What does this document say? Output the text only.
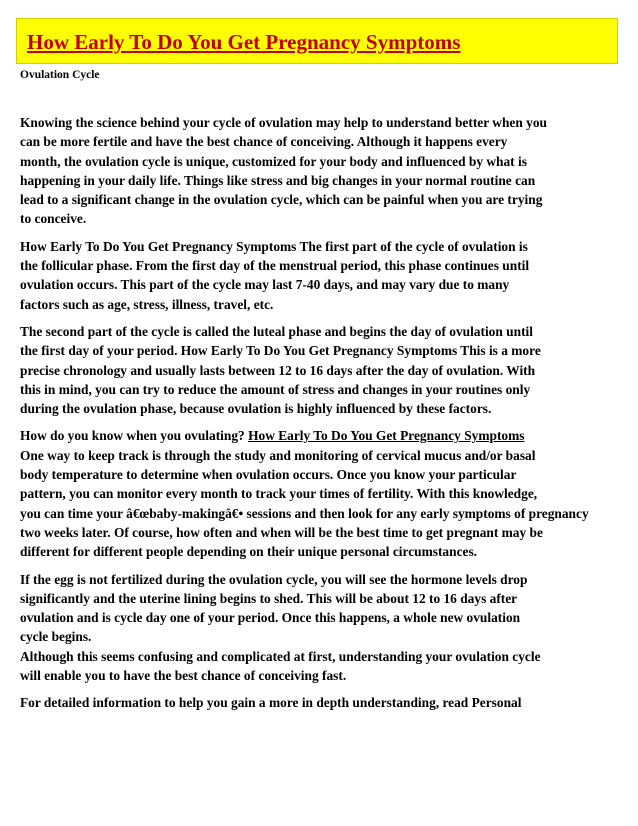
How Early To Do You Get Pregnancy Symptoms
Ovulation Cycle
Knowing the science behind your cycle of ovulation may help to understand better when you
can be more fertile and have the best chance of conceiving. Although it happens every
month, the ovulation cycle is unique, customized for your body and influenced by what is
happening in your daily life. Things like stress and big changes in your normal routine can
lead to a significant change in the ovulation cycle, which can be painful when you are trying
to conceive.
How Early To Do You Get Pregnancy Symptoms The first part of the cycle of ovulation is
the follicular phase. From the first day of the menstrual period, this phase continues until
ovulation occurs. This part of the cycle may last 7-40 days, and may vary due to many
factors such as age, stress, illness, travel, etc.
The second part of the cycle is called the luteal phase and begins the day of ovulation until
the first day of your period. How Early To Do You Get Pregnancy Symptoms This is a more
precise chronology and usually lasts between 12 to 16 days after the day of ovulation. With
this in mind, you can try to reduce the amount of stress and changes in your routines only
during the ovulation phase, because ovulation is highly influenced by these factors.
How do you know when you ovulating? How Early To Do You Get Pregnancy Symptoms
One way to keep track is through the study and monitoring of cervical mucus and/or basal
body temperature to determine when ovulation occurs. Once you know your particular
pattern, you can monitor every month to track your times of fertility. With this knowledge,
you can time your â€œbaby-makingâ€• sessions and then look for any early symptoms of pregnancy
two weeks later. Of course, how often and when will be the best time to get pregnant may be
different for different people depending on their unique personal circumstances.
If the egg is not fertilized during the ovulation cycle, you will see the hormone levels drop
significantly and the uterine lining begins to shed. This will be about 12 to 16 days after
ovulation and is cycle day one of your period. Once this happens, a whole new ovulation
cycle begins.
Although this seems confusing and complicated at first, understanding your ovulation cycle
will enable you to have the best chance of conceiving fast.
For detailed information to help you gain a more in depth understanding, read Personal
